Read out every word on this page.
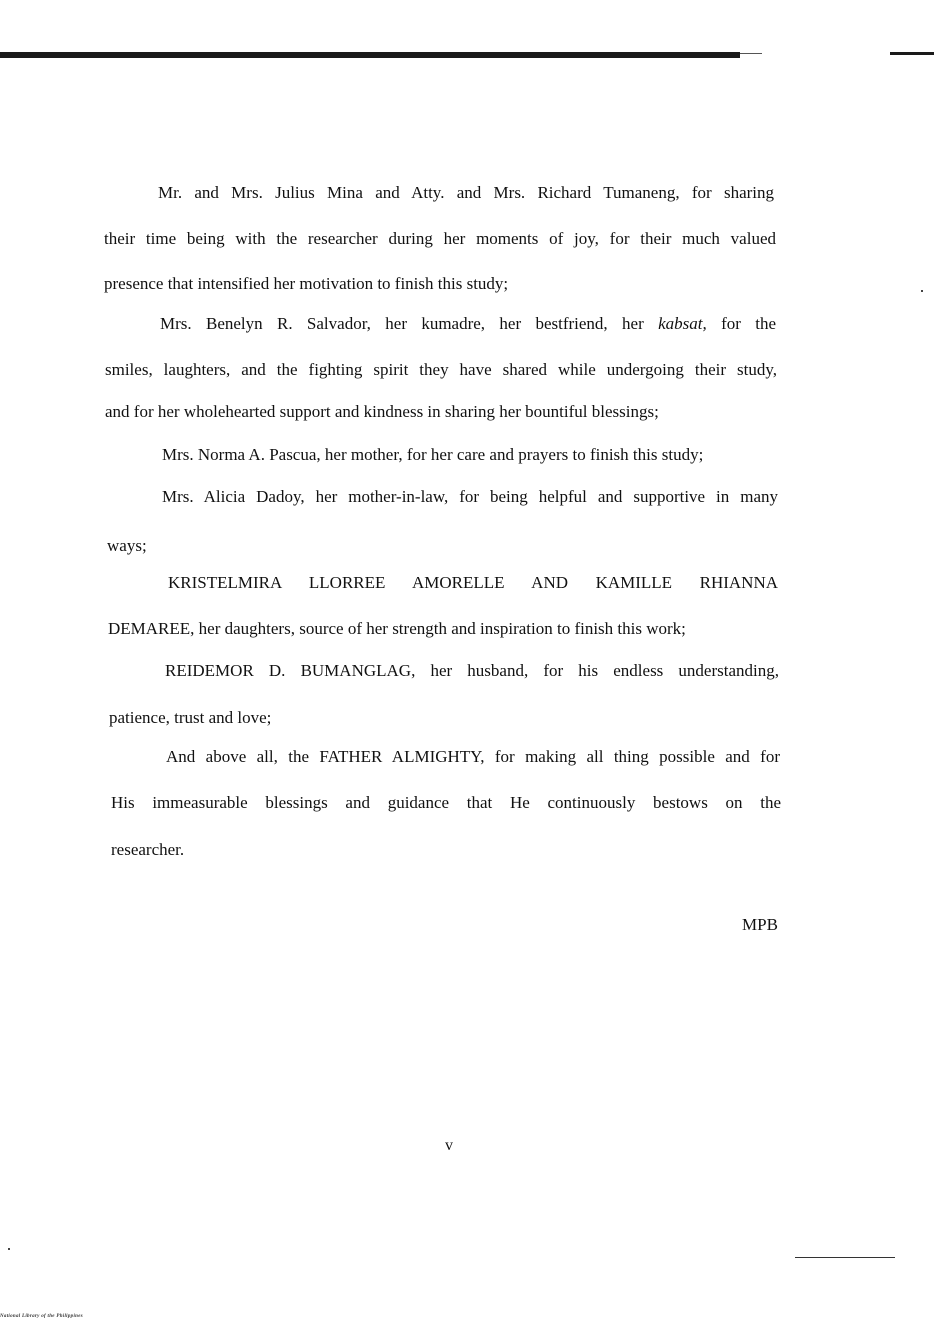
Mr. and Mrs. Julius Mina and Atty. and Mrs. Richard Tumaneng, for sharing

their time being with the researcher during her moments of joy, for their much valued

presence that intensified her motivation to finish this study;

Mrs. Benelyn R. Salvador, her kumadre, her bestfriend, her kabsat, for the

smiles, laughters, and the fighting spirit they have shared while undergoing their study,

and for her wholehearted support and kindness in sharing her bountiful blessings;

Mrs. Norma A. Pascua, her mother, for her care and prayers to finish this study;

Mrs. Alicia Dadoy, her mother-in-law, for being helpful and supportive in many

ways;

KRISTELMIRA LLORREE AMORELLE AND KAMILLE RHIANNA

DEMAREE, her daughters, source of her strength and inspiration to finish this work;

REIDEMOR D. BUMANGLAG, her husband, for his endless understanding,

patience, trust and love;

And above all, the FATHER ALMIGHTY, for making all thing possible and for

His immeasurable blessings and guidance that He continuously bestows on the

researcher.

MPB
v
National Library of the Philippines
